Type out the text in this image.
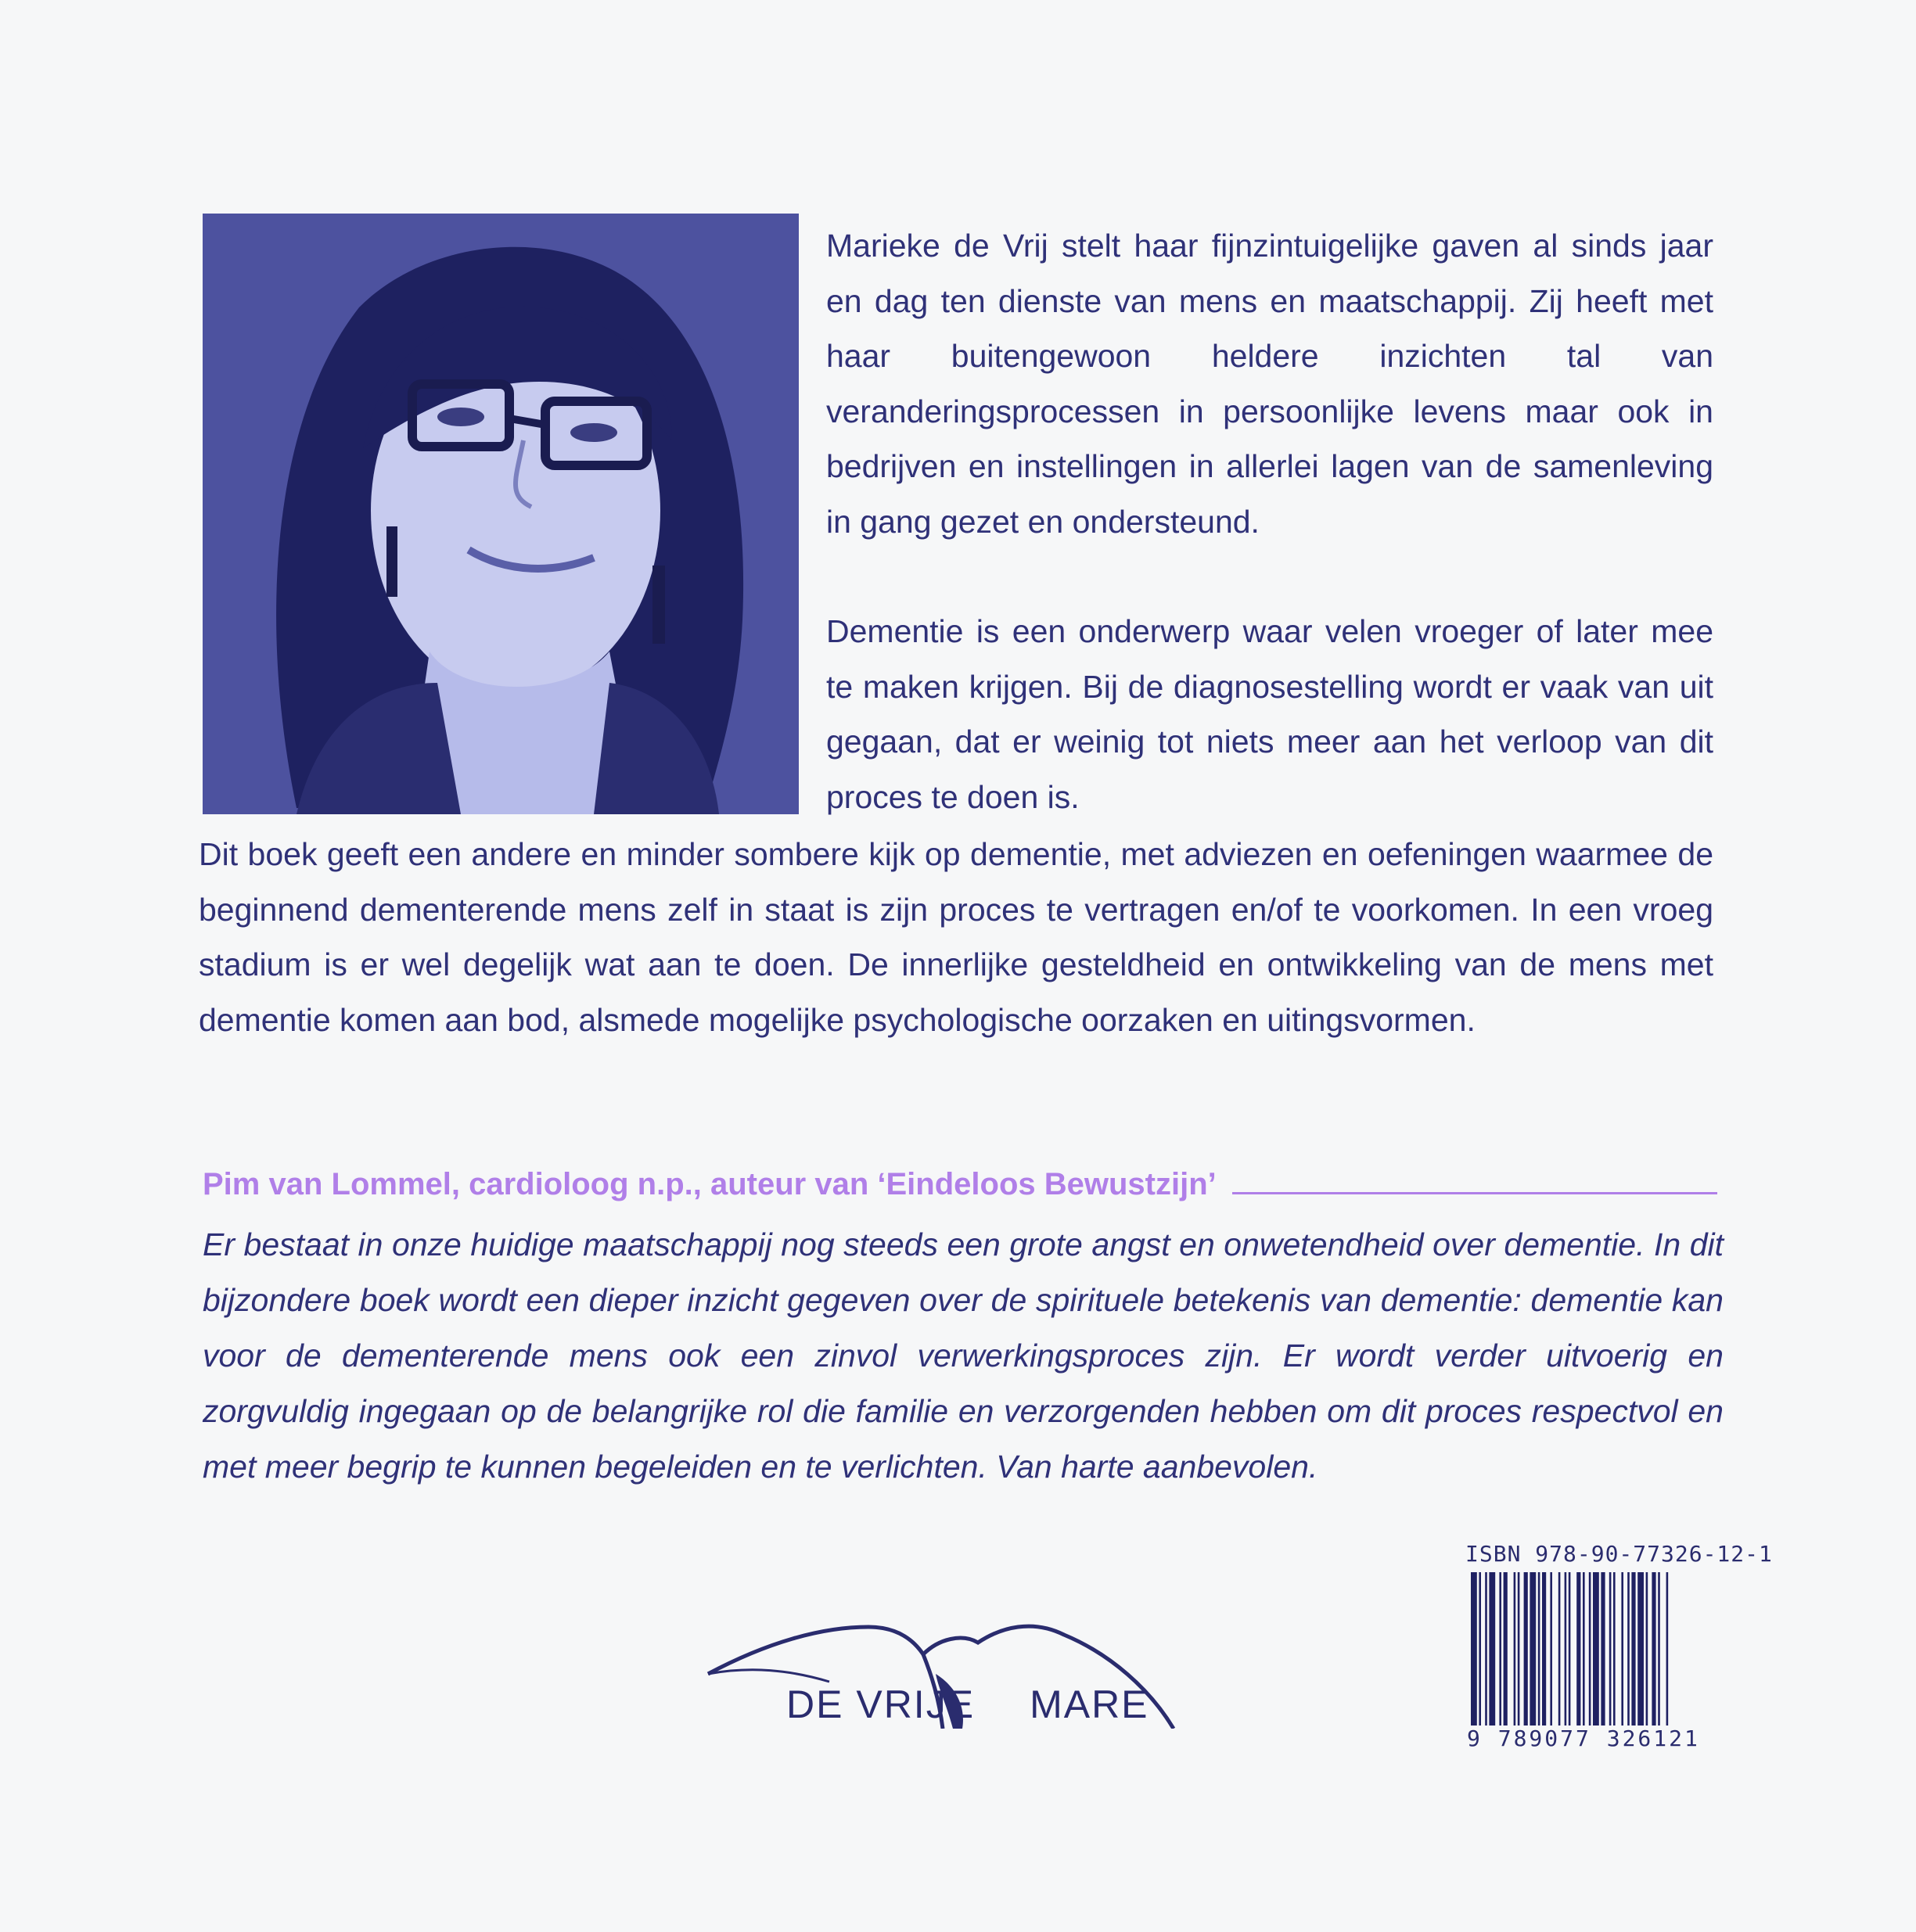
Marieke de Vrij stelt haar fijnzintuigelijke gaven al sinds jaar en dag ten dienste van mens en maatschappij. Zij heeft met haar buitengewoon heldere inzichten tal van veranderingsprocessen in persoonlijke levens maar ook in bedrijven en instellingen in allerlei lagen van de samenleving in gang gezet en ondersteund.

Dementie is een onderwerp waar velen vroeger of later mee te maken krijgen. Bij de diagnosestelling wordt er vaak van uit gegaan, dat er weinig tot niets meer aan het verloop van dit proces te doen is.

Dit boek geeft een andere en minder sombere kijk op dementie, met adviezen en oefeningen waarmee de beginnend dementerende mens zelf in staat is zijn proces te vertragen en/of te voorkomen. In een vroeg stadium is er wel degelijk wat aan te doen. De innerlijke gesteldheid en ontwikkeling van de mens met dementie komen aan bod, alsmede mogelijke psychologische oorzaken en uitingsvormen.

Pim van Lommel, cardioloog n.p., auteur van ‘Eindeloos Bewustzijn’

Er bestaat in onze huidige maatschappij nog steeds een grote angst en onwetendheid over dementie. In dit bijzondere boek wordt een dieper inzicht gegeven over de spirituele betekenis van dementie: dementie kan voor de dementerende mens ook een zinvol verwerkingsproces zijn. Er wordt verder uitvoerig en zorgvuldig ingegaan op de belangrijke rol die familie en verzorgenden hebben om dit proces respectvol en met meer begrip te kunnen begeleiden en te verlichten. Van harte aanbevolen.

DE VRIJE MARE
ISBN 978-90-77326-12-1
9 789077 326121
